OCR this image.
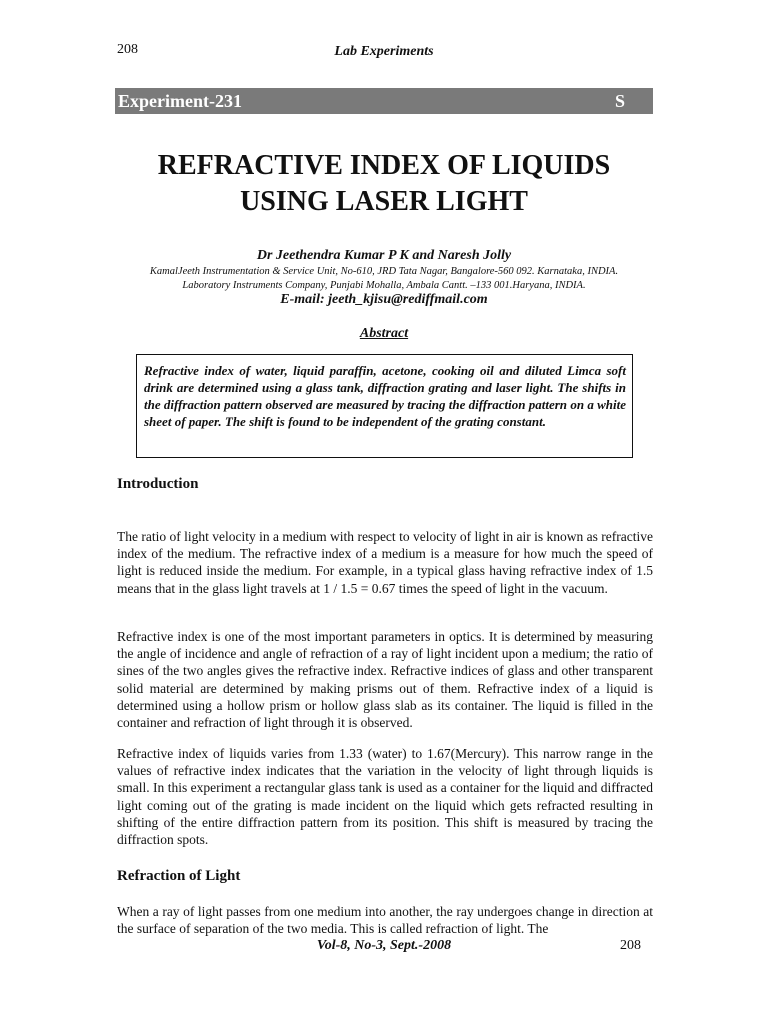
208	Lab Experiments
Experiment-231	S
REFRACTIVE INDEX OF LIQUIDS
USING LASER LIGHT
Dr Jeethendra Kumar P K and Naresh Jolly
KamalJeeth Instrumentation & Service Unit, No-610, JRD Tata Nagar, Bangalore-560 092. Karnataka, INDIA.
Laboratory Instruments Company, Punjabi Mohalla, Ambala Cantt. –133 001.Haryana, INDIA.
E-mail: jeeth_kjisu@rediffmail.com
Abstract
Refractive index of water, liquid paraffin, acetone, cooking oil and diluted Limca soft drink are determined using a glass tank, diffraction grating and laser light. The shifts in the diffraction pattern observed are measured by tracing the diffraction pattern on a white sheet of paper. The shift is found to be independent of the grating constant.
Introduction
The ratio of light velocity in a medium with respect to velocity of light in air is known as refractive index of the medium. The refractive index of a medium is a measure for how much the speed of light is reduced inside the medium. For example, in a typical glass having refractive index of 1.5 means that in the glass light travels at 1 / 1.5 = 0.67 times the speed of light in the vacuum.
Refractive index is one of the most important parameters in optics. It is determined by measuring the angle of incidence and angle of refraction of a ray of light incident upon a medium; the ratio of sines of the two angles gives the refractive index. Refractive indices of glass and other transparent solid material are determined by making prisms out of them. Refractive index of a liquid is determined using a hollow prism or hollow glass slab as its container. The liquid is filled in the container and refraction of light through it is observed.
Refractive index of liquids varies from 1.33 (water) to 1.67(Mercury). This narrow range in the values of refractive index indicates that the variation in the velocity of light through liquids is small. In this experiment a rectangular glass tank is used as a container for the liquid and diffracted light coming out of the grating is made incident on the liquid which gets refracted resulting in shifting of the entire diffraction pattern from its position. This shift is measured by tracing the diffraction spots.
Refraction of Light
When a ray of light passes from one medium into another, the ray undergoes change in direction at the surface of separation of the two media. This is called refraction of light. The
Vol-8, No-3, Sept.-2008	208
